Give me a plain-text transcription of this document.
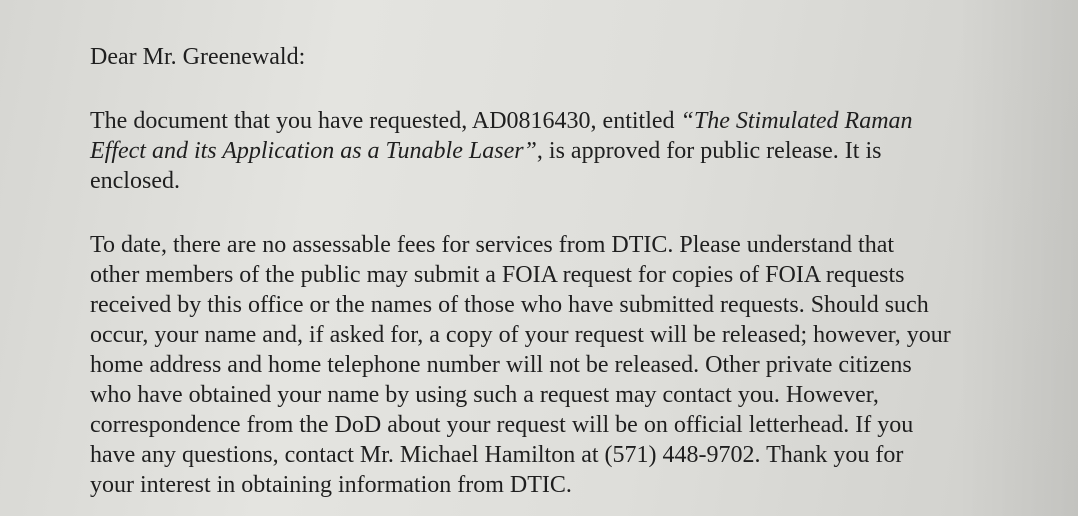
Dear Mr. Greenewald:
The document that you have requested, AD0816430, entitled “The Stimulated Raman
Effect and its Application as a Tunable Laser”, is approved for public release. It is
enclosed.
To date, there are no assessable fees for services from DTIC. Please understand that
other members of the public may submit a FOIA request for copies of FOIA requests
received by this office or the names of those who have submitted requests. Should such
occur, your name and, if asked for, a copy of your request will be released; however, your
home address and home telephone number will not be released. Other private citizens
who have obtained your name by using such a request may contact you. However,
correspondence from the DoD about your request will be on official letterhead. If you
have any questions, contact Mr. Michael Hamilton at (571) 448-9702. Thank you for
your interest in obtaining information from DTIC.
